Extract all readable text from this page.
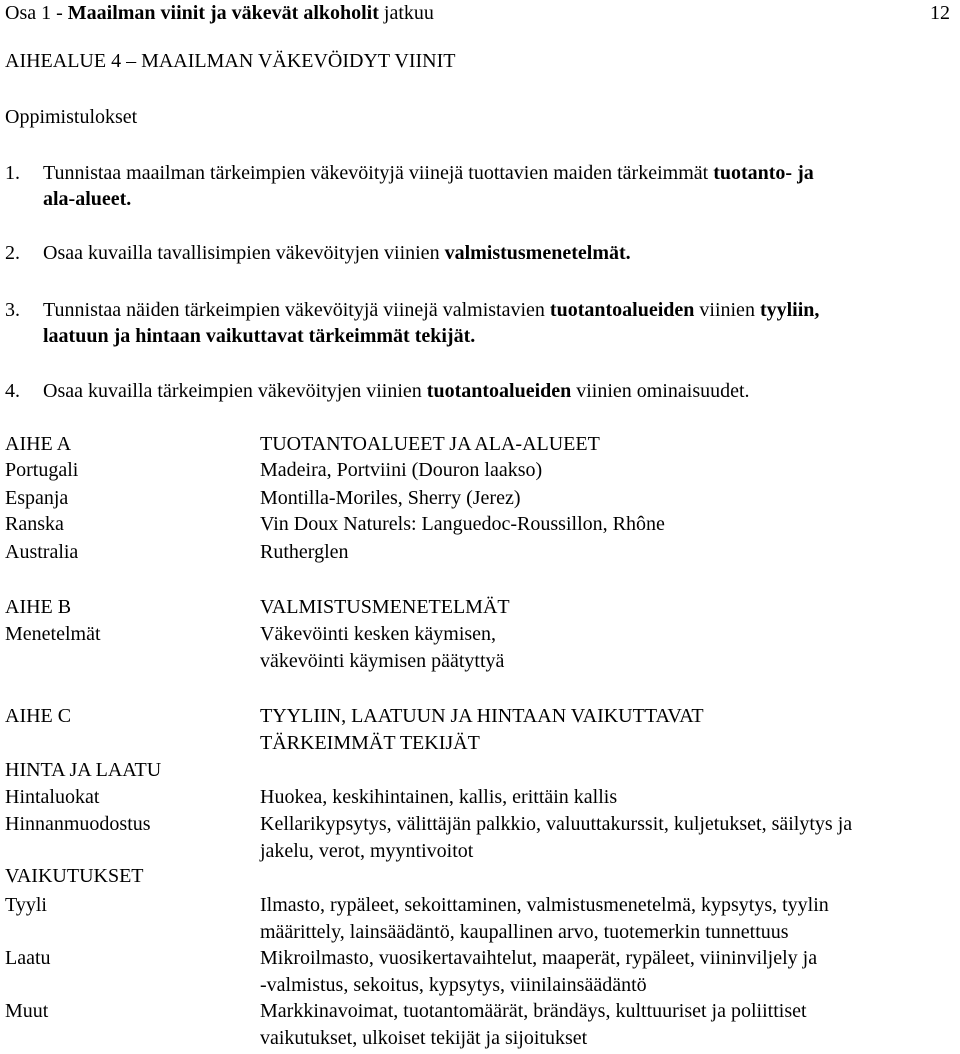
Osa 1 - Maailman viinit ja väkevät alkoholit jatkuu	12
AIHEALUE 4 – MAAILMAN VÄKEVÖIDYT VIINIT
Oppimistulokset
1. Tunnistaa maailman tärkeimpien väkevöityjä viinejä tuottavien maiden tärkeimmät tuotanto- ja
ala-alueet.
2. Osaa kuvailla tavallisimpien väkevöityjen viinien valmistusmenetelmät.
3. Tunnistaa näiden tärkeimpien väkevöityjä viinejä valmistavien tuotantoalueiden viinien tyyliin,
laatuun ja hintaan vaikuttavat tärkeimmät tekijät.
4. Osaa kuvailla tärkeimpien väkevöityjen viinien tuotantoalueiden viinien ominaisuudet.
AIHE A
Portugali
Espanja
Ranska
Australia
AIHE B
Menetelmät
AIHE C
HINTA JA LAATU
Hintaluokat
Hinnanmuodostus
VAIKUTUKSET
Tyyli
Laatu
Muut
TUOTANTOALUEET JA ALA-ALUEET
Madeira, Portviini (Douron laakso)
Montilla-Moriles, Sherry (Jerez)
Vin Doux Naturels: Languedoc-Roussillon, Rhône
Rutherglen
VALMISTUSMENETELMÄT
Väkevöinti kesken käymisen,
väkevöinti käymisen päätyttyä
TYYLIIN, LAATUUN JA HINTAAN VAIKUTTAVAT
TÄRKEIMMÄT TEKIJÄT
Huokea, keskihintainen, kallis, erittäin kallis
Kellarikypsytys, välittäjän palkkio, valuuttakurssit, kuljetukset, säilytys ja
jakelu, verot, myyntivoitot
Ilmasto, rypäleet, sekoittaminen, valmistusmenetelmä, kypsytys, tyylin
määrittely, lainsäädäntö, kaupallinen arvo, tuotemerkin tunnettuus
Mikroilmasto, vuosikertavaihtelut, maaperät, rypäleet, viininviljely ja
-valmistus, sekoitus, kypsytys, viinilainsäädäntö
Markkinavoimat, tuotantomäärät, brändäys, kulttuuriset ja poliittiset
vaikutukset, ulkoiset tekijät ja sijoitukset
